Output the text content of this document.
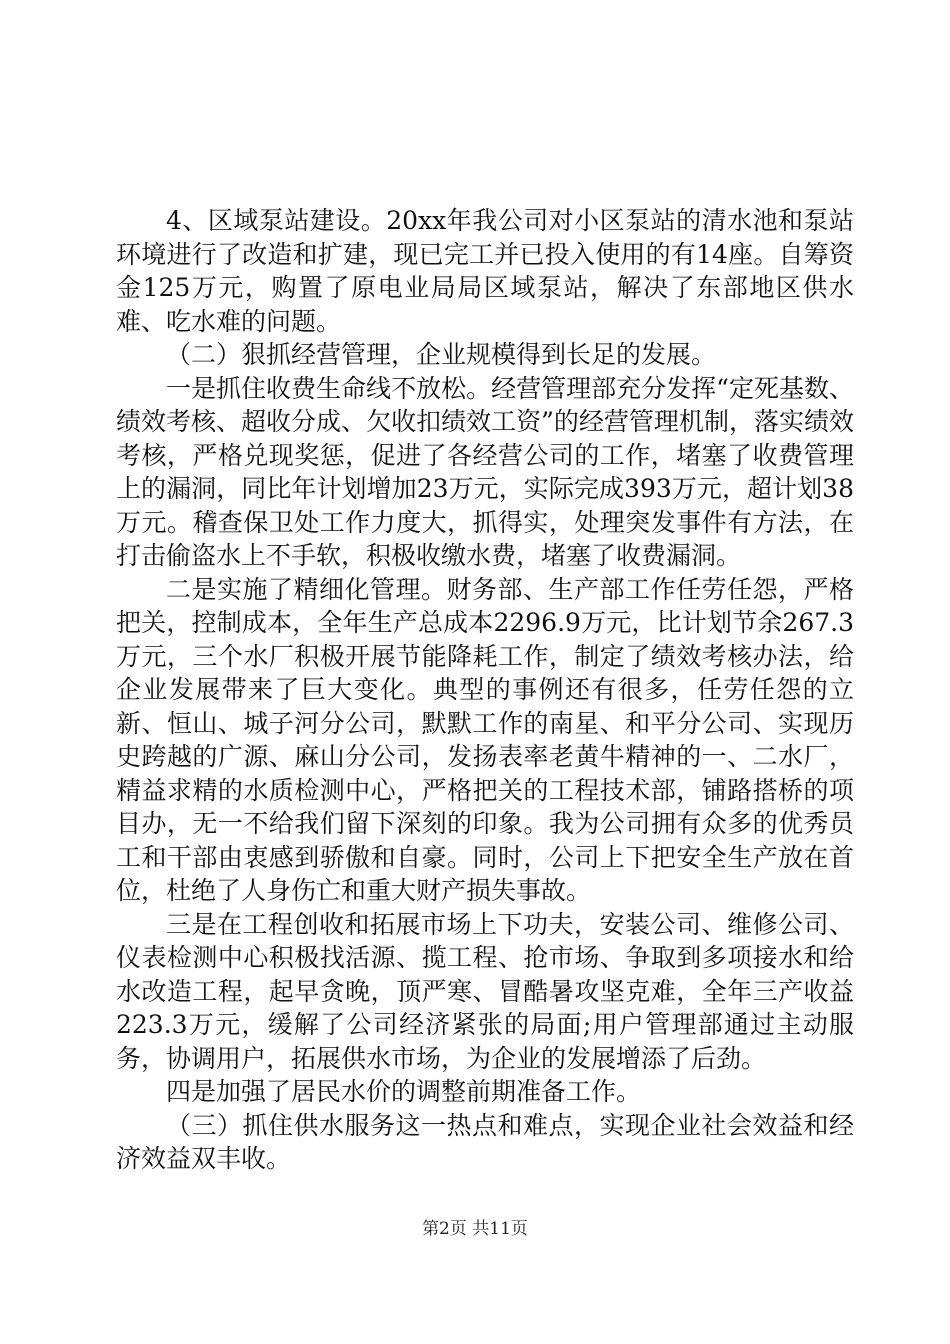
4、区域泵站建设。20xx年我公司对小区泵站的清水池和泵站环境进行了改造和扩建，现已完工并已投入使用的有14座。自筹资金125万元，购置了原电业局局区域泵站，解决了东部地区供水难、吃水难的问题。

（二）狠抓经营管理，企业规模得到长足的发展。

一是抓住收费生命线不放松。经营管理部充分发挥“定死基数、绩效考核、超收分成、欠收扣绩效工资”的经营管理机制，落实绩效考核，严格兑现奖惩，促进了各经营公司的工作，堵塞了收费管理上的漏洞，同比年计划增加23万元，实际完成393万元，超计划38万元。稽查保卫处工作力度大，抓得实，处理突发事件有方法，在打击偷盗水上不手软，积极收缴水费，堵塞了收费漏洞。

二是实施了精细化管理。财务部、生产部工作任劳任怨，严格把关，控制成本，全年生产总成本2296.9万元，比计划节余267.3万元，三个水厂积极开展节能降耗工作，制定了绩效考核办法，给企业发展带来了巨大变化。典型的事例还有很多，任劳任怨的立新、恒山、城子河分公司，默默工作的南星、和平分公司、实现历史跨越的广源、麻山分公司，发扬表率老黄牛精神的一、二水厂，精益求精的水质检测中心，严格把关的工程技术部，铺路搭桥的项目办，无一不给我们留下深刻的印象。我为公司拥有众多的优秀员工和干部由衷感到骄傲和自豪。同时，公司上下把安全生产放在首位，杜绝了人身伤亡和重大财产损失事故。

三是在工程创收和拓展市场上下功夫，安装公司、维修公司、仪表检测中心积极找活源、揽工程、抢市场、争取到多项接水和给水改造工程，起早贪晚，顶严寒、冒酷暑攻坚克难，全年三产收益223.3万元，缓解了公司经济紧张的局面;用户管理部通过主动服务，协调用户，拓展供水市场，为企业的发展增添了后劲。

四是加强了居民水价的调整前期准备工作。

（三）抓住供水服务这一热点和难点，实现企业社会效益和经济效益双丰收。

第2页 共11页
